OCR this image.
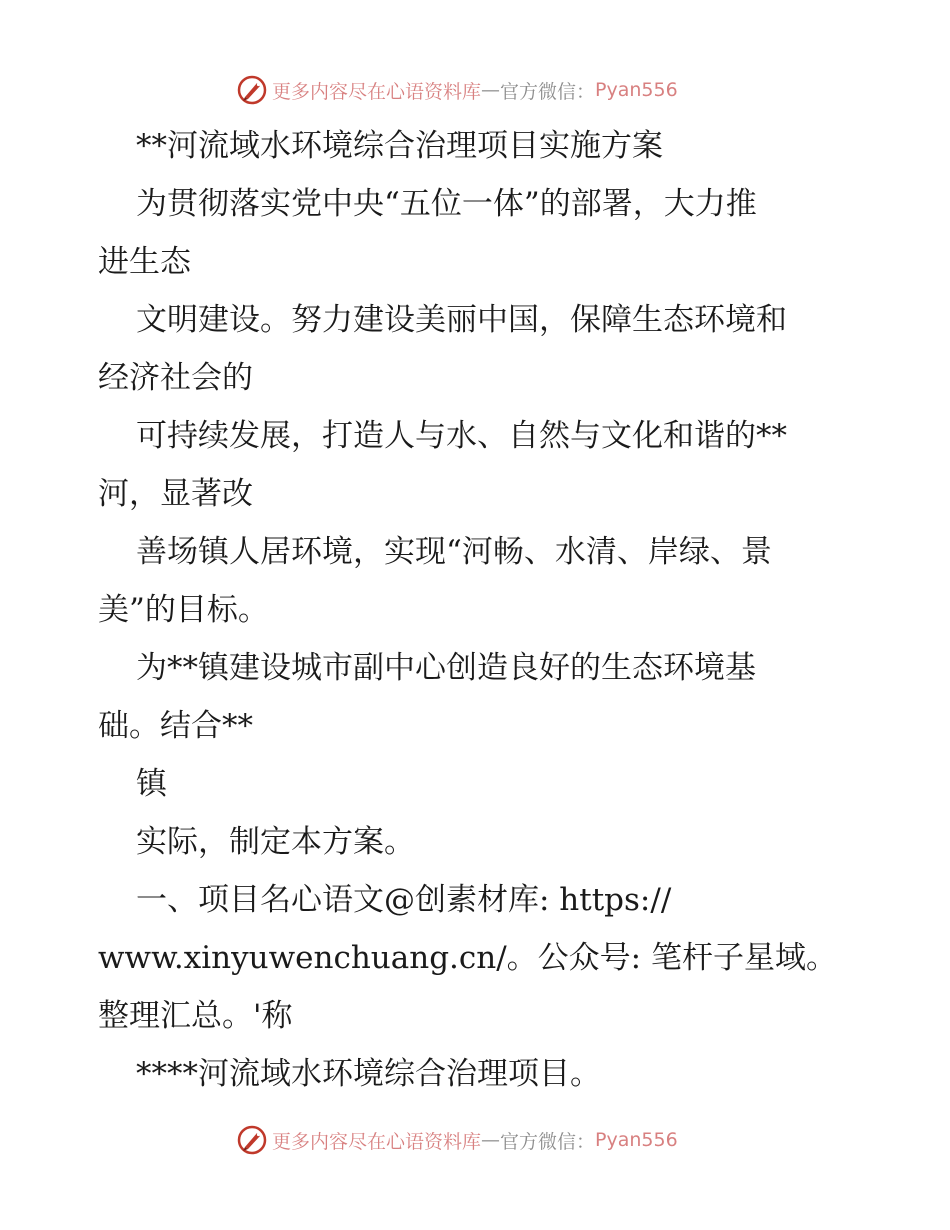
更多内容尽在心语资料库 — 官方微信： Pyan556
**河流域水环境综合治理项目实施方案
为贯彻落实党中央“五位一体”的部署，大力推
进生态
文明建设。努力建设美丽中国，保障生态环境和
经济社会的
可持续发展，打造人与水、自然与文化和谐的**
河，显著改
善场镇人居环境，实现“河畅、水清、岸绿、景
美”的目标。
为**镇建设城市副中心创造良好的生态环境基
础。结合**
镇
实际，制定本方案。
一、项目名心语文@创素材库: https://
www.xinyuwenchuang.cn/。公众号: 笔杆子星域。
整理汇总。'称
****河流域水环境综合治理项目。
更多内容尽在心语资料库 — 官方微信： Pyan556
